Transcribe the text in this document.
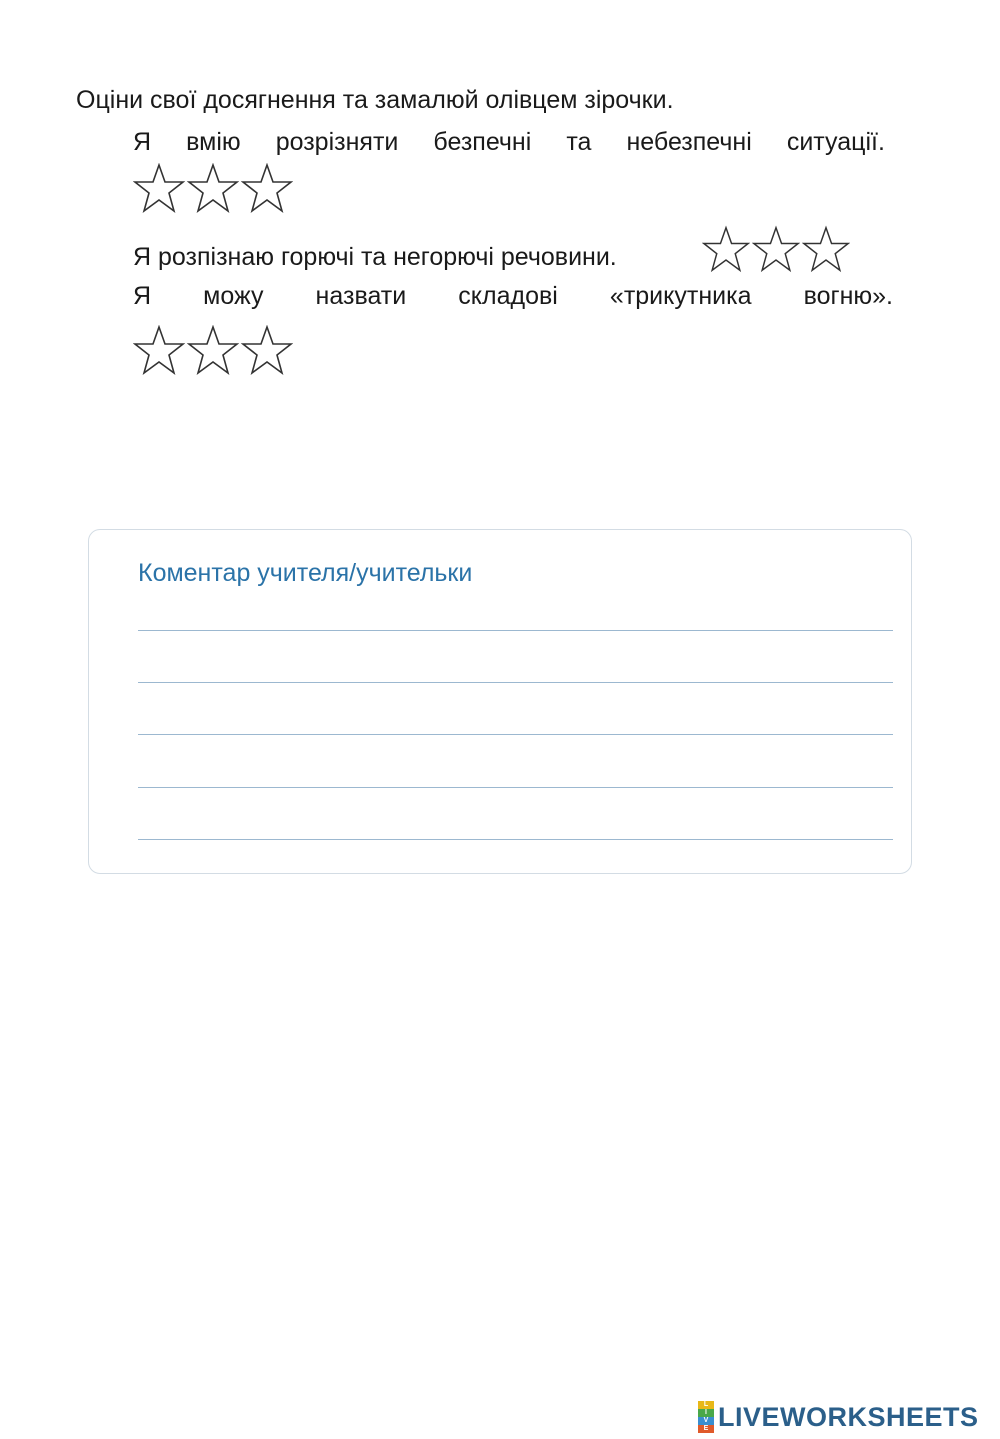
Оціни свої досягнення та замалюй олівцем зірочки.
Я вмію розрізняти безпечні та небезпечні ситуації.
Я розпізнаю горючі та негорючі речовини.
Я можу назвати складові «трикутника вогню».
Коментар учителя/учительки
L
I
V
E LIVEWORKSHEETS
